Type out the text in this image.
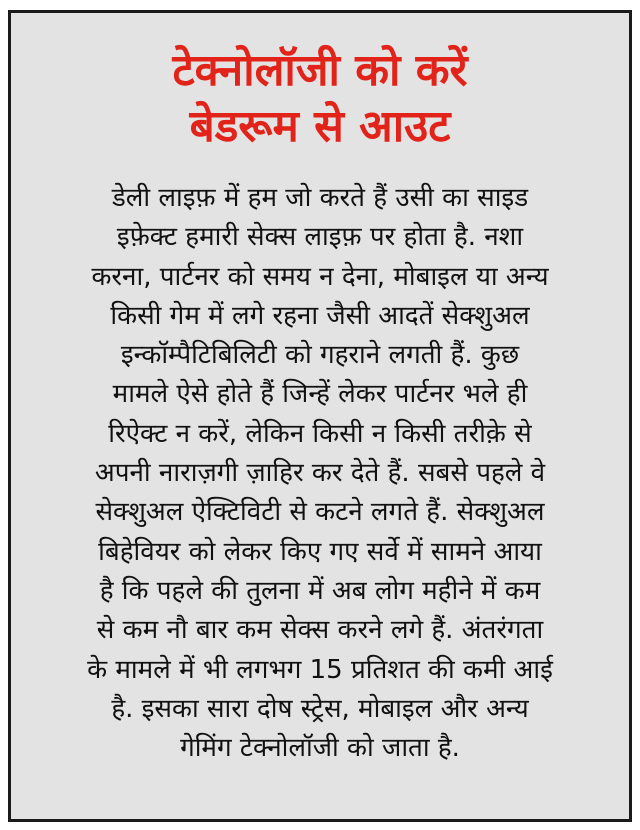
टेक्नोलॉजी को करें
बेडरूम से आउट

डेली लाइफ़ में हम जो करते हैं उसी का साइड
इफ़ेक्ट हमारी सेक्स लाइफ़ पर होता है. नशा
करना, पार्टनर को समय न देना, मोबाइल या अन्य
किसी गेम में लगे रहना जैसी आदतें सेक्शुअल
इन्कॉम्पैटिबिलिटी को गहराने लगती हैं. कुछ
मामले ऐसे होते हैं जिन्हें लेकर पार्टनर भले ही
रिऐक्ट न करें, लेकिन किसी न किसी तरीक़े से
अपनी नाराज़गी ज़ाहिर कर देते हैं. सबसे पहले वे
सेक्शुअल ऐक्टिविटी से कटने लगते हैं. सेक्शुअल
बिहेवियर को लेकर किए गए सर्वे में सामने आया
है कि पहले की तुलना में अब लोग महीने में कम
से कम नौ बार कम सेक्स करने लगे हैं. अंतरंगता
के मामले में भी लगभग 15 प्रतिशत की कमी आई
है. इसका सारा दोष स्ट्रेस, मोबाइल और अन्य
गेमिंग टेक्नोलॉजी को जाता है.
